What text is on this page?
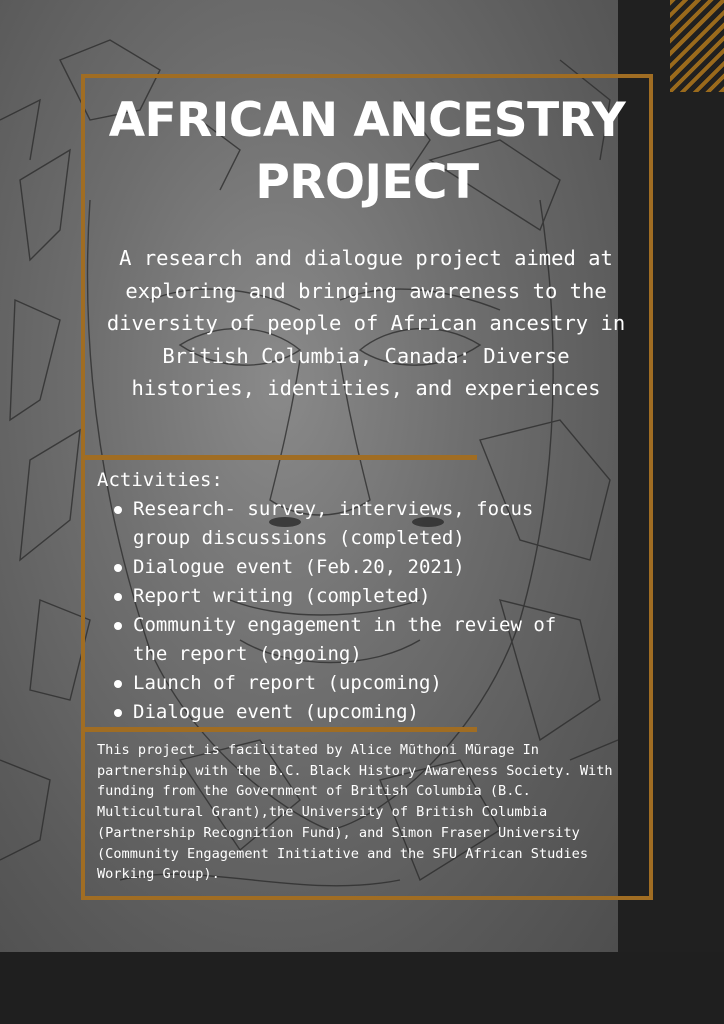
AFRICAN ANCESTRY PROJECT

A research and dialogue project aimed at exploring and bringing awareness to the diversity of people of African ancestry in British Columbia, Canada: Diverse histories, identities, and experiences

Activities:

Research- survey, interviews, focus group discussions (completed)
Dialogue event (Feb.20, 2021)
Report writing (completed)
Community engagement in the review of the report (ongoing)
Launch of report (upcoming)
Dialogue event (upcoming)

This project is facilitated by Alice Mũthoni Mũrage In partnership with the B.C. Black History Awareness Society. With funding from the Government of British Columbia (B.C. Multicultural Grant),the University of British Columbia (Partnership Recognition Fund), and Simon Fraser University (Community Engagement Initiative and the SFU African Studies Working Group).
